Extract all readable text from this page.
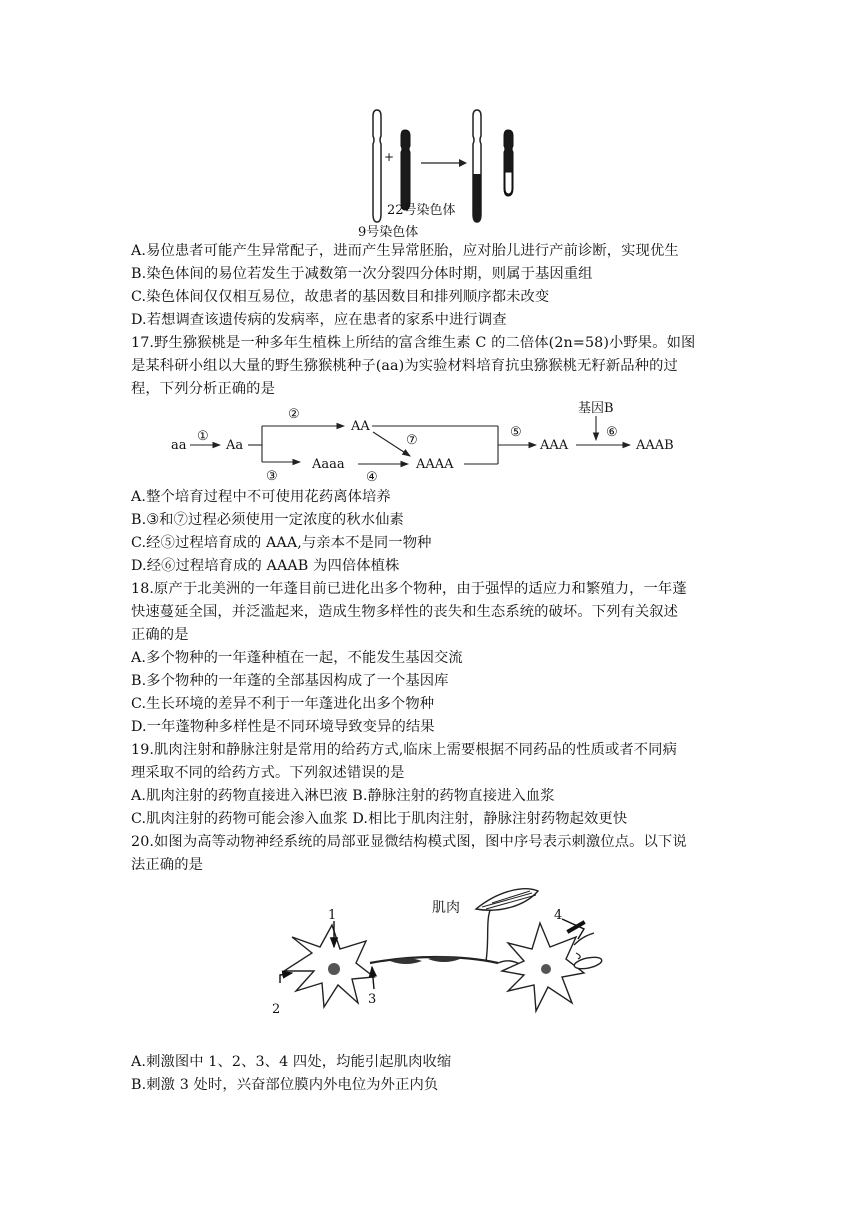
+
22号染色体
9号染色体
A.易位患者可能产生异常配子，进而产生异常胚胎，应对胎儿进行产前诊断，实现优生
B.染色体间的易位若发生于减数第一次分裂四分体时期，则属于基因重组
C.染色体间仅仅相互易位，故患者的基因数目和排列顺序都未改变
D.若想调查该遗传病的发病率，应在患者的家系中进行调查
17.野生猕猴桃是一种多年生植株上所结的富含维生素 C 的二倍体(2n=58)小野果。如图
是某科研小组以大量的野生猕猴桃种子(aa)为实验材料培育抗虫猕猴桃无籽新品种的过
程，下列分析正确的是
aa
①
Aa
②
AA
③
Aaaa
④
⑦
AAAA
⑤
AAA
基因B
⑥
AAAB
A.整个培育过程中不可使用花药离体培养
B.③和⑦过程必须使用一定浓度的秋水仙素
C.经⑤过程培育成的 AAA,与亲本不是同一物种
D.经⑥过程培育成的 AAAB 为四倍体植株
18.原产于北美洲的一年蓬目前已进化出多个物种，由于强悍的适应力和繁殖力，一年蓬
快速蔓延全国，并泛滥起来，造成生物多样性的丧失和生态系统的破坏。下列有关叙述
正确的是
A.多个物种的一年蓬种植在一起，不能发生基因交流
B.多个物种的一年蓬的全部基因构成了一个基因库
C.生长环境的差异不利于一年蓬进化出多个物种
D.一年蓬物种多样性是不同环境导致变异的结果
19.肌肉注射和静脉注射是常用的给药方式,临床上需要根据不同药品的性质或者不同病
理采取不同的给药方式。下列叙述错误的是
A.肌肉注射的药物直接进入淋巴液 B.静脉注射的药物直接进入血浆
C.肌肉注射的药物可能会渗入血浆 D.相比于肌肉注射，静脉注射药物起效更快
20.如图为高等动物神经系统的局部亚显微结构模式图，图中序号表示刺激位点。以下说
法正确的是
肌肉
1
2
3
4
A.刺激图中 1、2、3、4 四处，均能引起肌肉收缩
B.刺激 3 处时，兴奋部位膜内外电位为外正内负
